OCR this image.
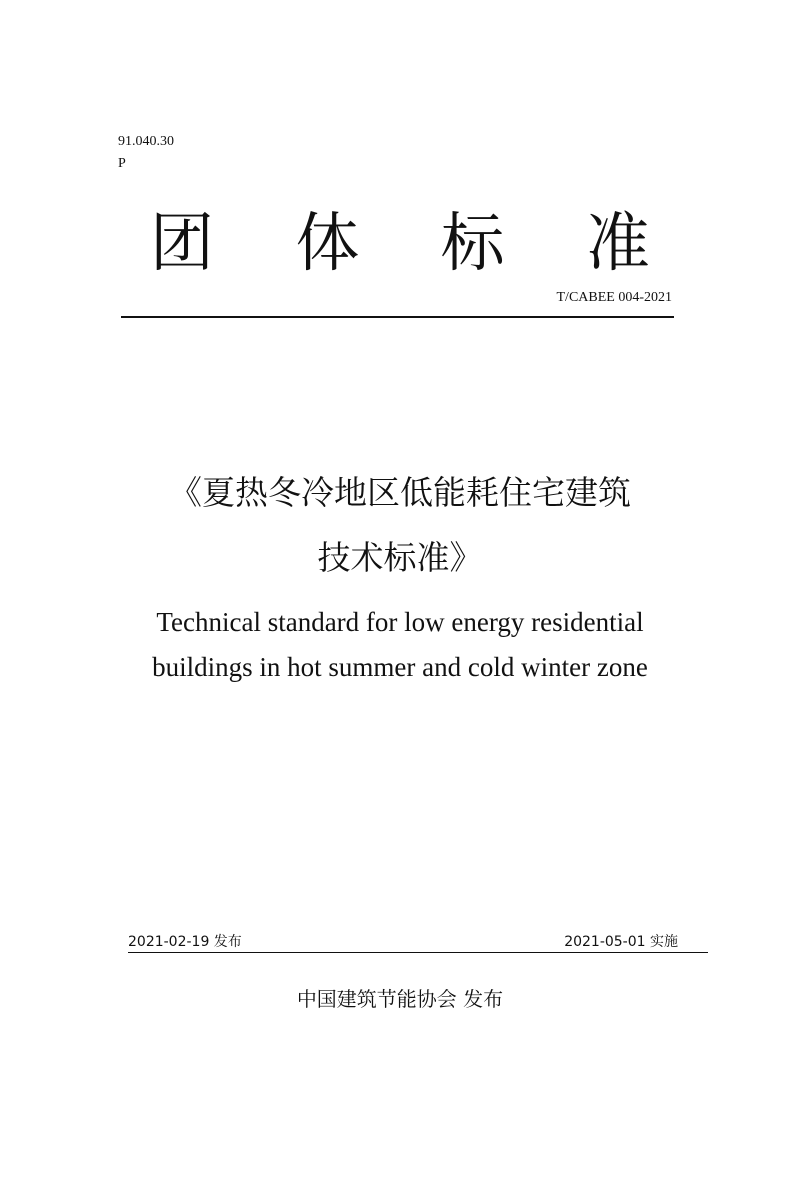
91.040.30
P
团 体 标 准
T/CABEE 004-2021
《夏热冬冷地区低能耗住宅建筑
技术标准》
Technical standard for low energy residential
buildings in hot summer and cold winter zone
2021-02-19 发布	2021-05-01 实施
中国建筑节能协会 发布
